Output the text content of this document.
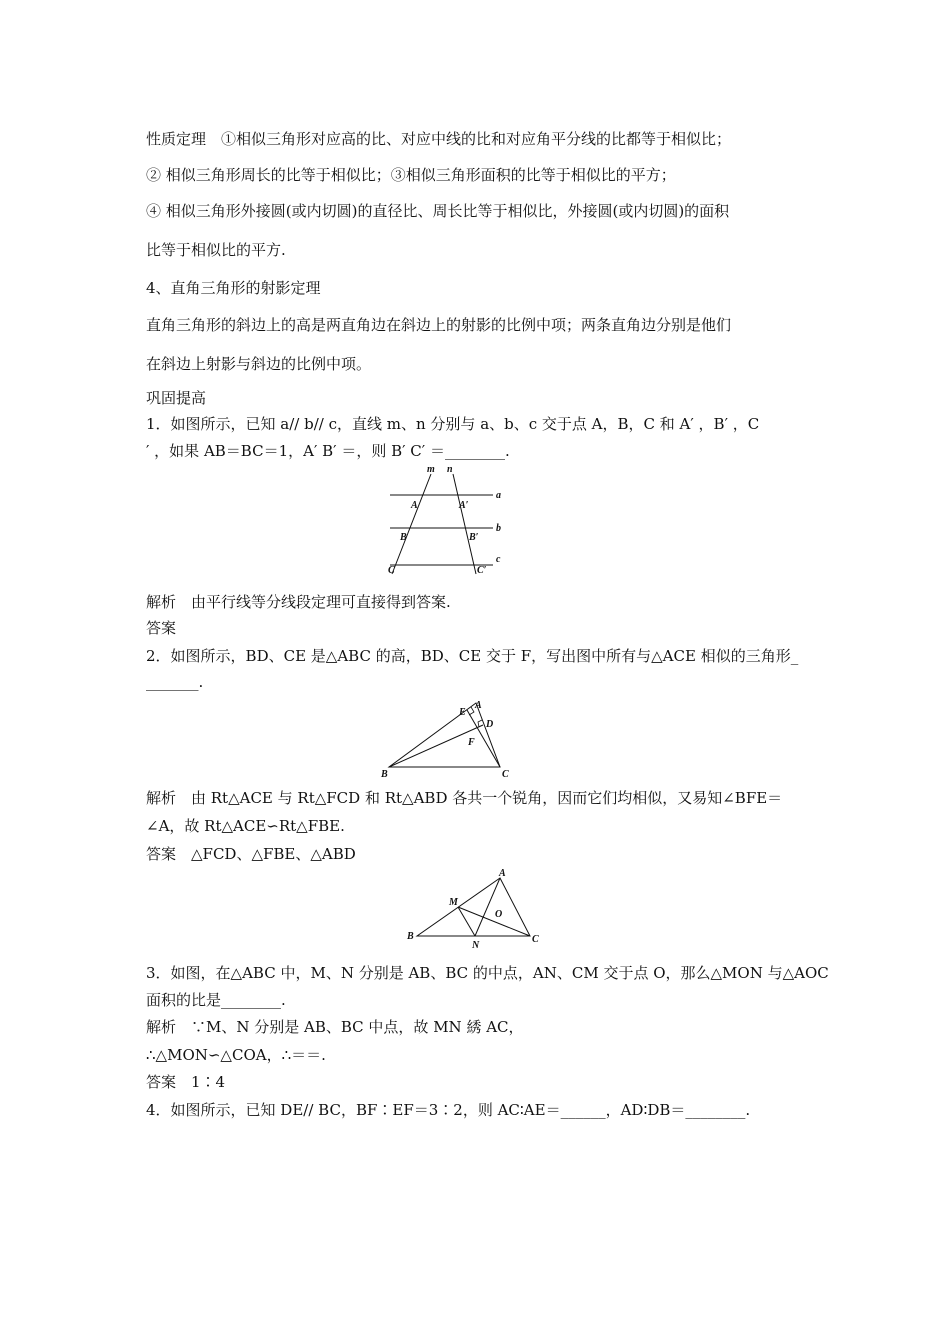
性质定理　①相似三角形对应高的比、对应中线的比和对应角平分线的比都等于相似比；
② 相似三角形周长的比等于相似比；③相似三角形面积的比等于相似比的平方；
④ 相似三角形外接圆(或内切圆)的直径比、周长比等于相似比，外接圆(或内切圆)的面积
比等于相似比的平方.
4、直角三角形的射影定理
直角三角形的斜边上的高是两直角边在斜边上的射影的比例中项；两条直角边分别是他们
在斜边上射影与斜边的比例中项。
巩固提高
1．如图所示，已知 a// b// c，直线 m、n 分别与 a、b、c 交于点 A，B，C 和 A′ ，B′ ，C
′ ，如果 AB＝BC＝1，A′ B′ ＝，则 B′ C′ ＝________.
m n
a
b
c
A	A′
B	B′
C	C′
解析　由平行线等分线段定理可直接得到答案.
答案
2．如图所示，BD、CE 是△ABC 的高，BD、CE 交于 F，写出图中所有与△ACE 相似的三角形_
_______.
E
A
D
F
B	C
解析　由 Rt△ACE 与 Rt△FCD 和 Rt△ABD 各共一个锐角，因而它们均相似，又易知∠BFE＝
∠A，故 Rt△ACE∽Rt△FBE.
答案　△FCD、△FBE、△ABD
A
M
O
B
N
C
3．如图，在△ABC 中，M、N 分别是 AB、BC 的中点，AN、CM 交于点 O，那么△MON 与△AOC
面积的比是________.
解析　∵M、N 分别是 AB、BC 中点，故 MN 綉 AC，
∴△MON∽△COA，∴＝＝.
答案　1∶4
4．如图所示，已知 DE// BC，BF∶EF＝3∶2，则 AC∶AE＝______，AD∶DB＝________.
